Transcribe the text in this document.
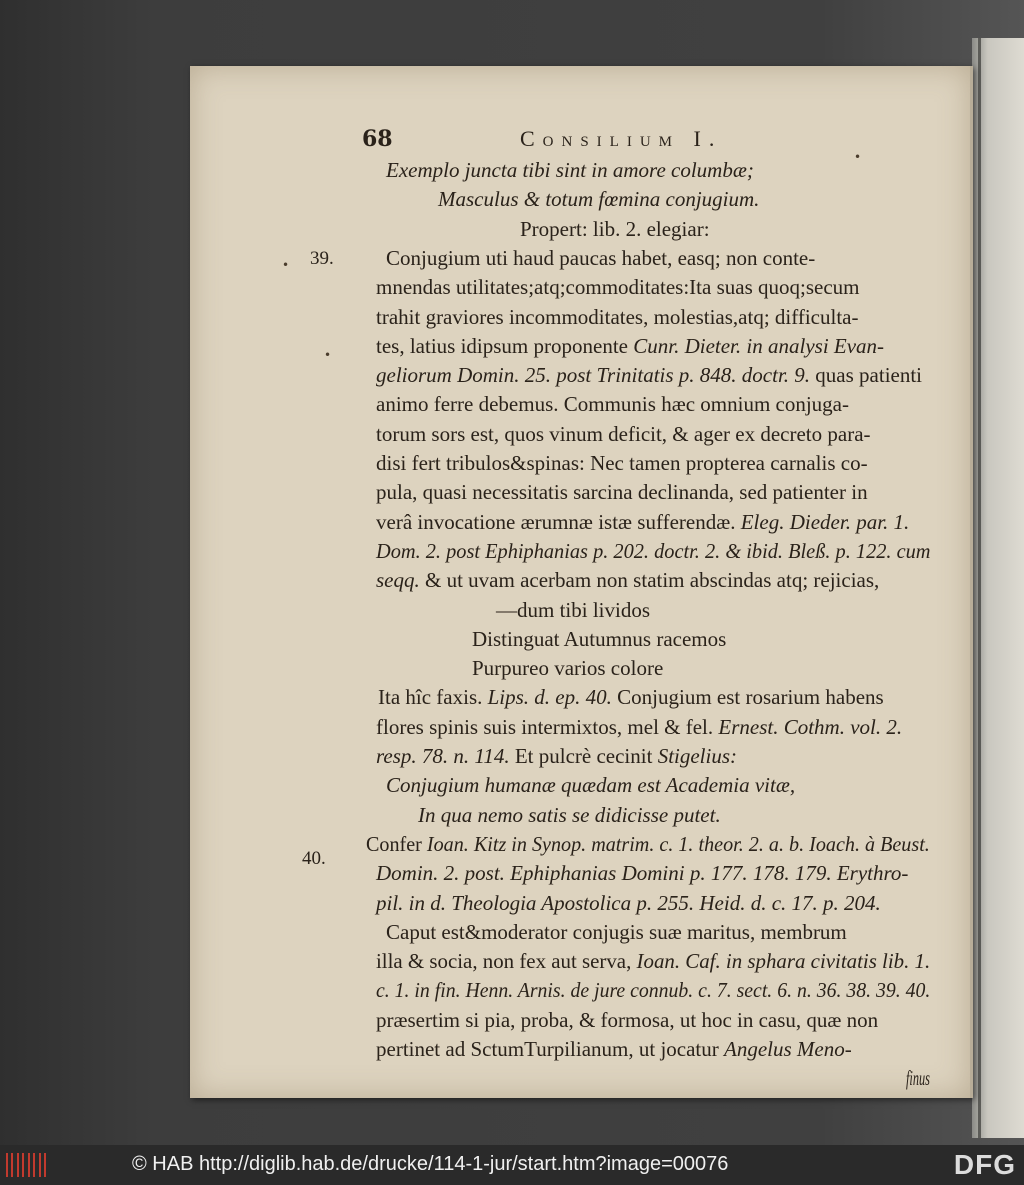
68	Consilium I.
Exemplo juncta tibi sint in amore columbæ;
Masculus & totum fœmina conjugium.
Propert: lib. 2. elegiar:
Conjugium uti haud paucas habet, easq; non conte-
mnendas utilitates;atq;commoditates:Ita suas quoq;secum
trahit graviores incommoditates, molestias,atq; difficulta-
tes, latius idipsum proponente Cunr. Dieter. in analysi Evan-
geliorum Domin. 25. post Trinitatis p. 848. doctr. 9. quas patienti
animo ferre debemus. Communis hæc omnium conjuga-
torum sors est, quos vinum deficit, & ager ex decreto para-
disi fert tribulos&spinas: Nec tamen propterea carnalis co-
pula, quasi necessitatis sarcina declinanda, sed patienter in
verâ invocatione ærumnæ istæ sufferendæ. Eleg. Dieder. par. 1.
Dom. 2. post Ephiphanias p. 202. doctr. 2. & ibid. Bleß. p. 122. cum
seqq. & ut uvam acerbam non statim abscindas atq; rejicias,
—dum tibi lividos
Distinguat Autumnus racemos
Purpureo varios colore
Ita hîc faxis. Lips. d. ep. 40. Conjugium est rosarium habens
flores spinis suis intermixtos, mel & fel. Ernest. Cothm. vol. 2.
resp. 78. n. 114. Et pulcrè cecinit Stigelius:
Conjugium humanæ quædam est Academia vitæ,
In qua nemo satis se didicisse putet.
Confer Ioan. Kitz in Synop. matrim. c. 1. theor. 2. a. b. Ioach. à Beust.
Domin. 2. post. Ephiphanias Domini p. 177. 178. 179. Erythro-
pil. in d. Theologia Apostolica p. 255. Heid. d. c. 17. p. 204.
Caput est&moderator conjugis suæ maritus, membrum
illa & socia, non fex aut serva, Ioan. Caf. in sphara civitatis lib. 1.
c. 1. in fin. Henn. Arnis. de jure connub. c. 7. sect. 6. n. 36. 38. 39. 40.
præsertim si pia, proba, & formosa, ut hoc in casu, quæ non
pertinet ad SctumTurpilianum, ut jocatur Angelus Meno-
finus
39.
40.
•
•
•
© HAB http://diglib.hab.de/drucke/114-1-jur/start.htm?image=00076	DFG
